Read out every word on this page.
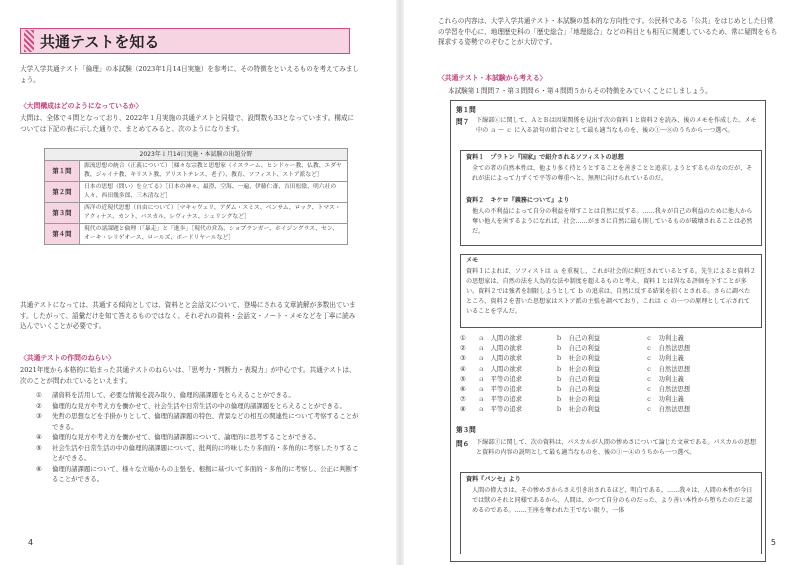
共通テストを知る

大学入学共通テスト「倫理」の本試験（2023年1月14日実施）を参考に、その特徴をといえるものを考えてみましょう。

〈大問構成はどのようになっているか〉

大問は、全体で４問となっており、2022年１月実施の共通テストと同様で、設問数も33となっています。構成については下記の表に示した通りで、まとめてみると、次のようになります。

2023年１月14日実施・本試験の出題分野
第１問	源流思想の統合（正義について）［様々な宗教と思想家（イスラーム、ヒンドゥー教、仏教、エダヤ教、ジャイナ教、キリスト教、アリストテレス、老子）、教育、ソフィスト、ストア派など］
第２問	日本の思想（問い）を立てる）［日本の神々、最澄、空海、一遍、伊藤仁斎、吉田松陰、明六社の人々、西田幾多郎、三木清など］
第３問	西洋の近現代思想（自由について）［マキャヴェリ、アダム・スミス、ベンサム、ロック、トマス・アクィナス、カント、パスカル、レヴィナス、シェリングなど］
第４問	現代の諸課題と倫理（「暴走」と「進歩」［現代の営為、ショプランガー、ホイジングラス、セン、オーキ・レリゲオース、ロールズ、ボードリヤールなど］

共通テストになっては、共通する傾向としては、資料とと会話文について、登場にされる文章読解が多数出ています。したがって、語彙だけを知て答えるものではなく、それぞれの資料・会話文・ノート・メモなどを丁寧に読み込んでいくことが必要です。

〈共通テストの作問のねらい〉

2021年度から本格的に始まった共通テストのねらいは、「思考力・判断力・表現力」が中心です。共通テストは、次のことが問われているといえます。

① 諸資料を活用して、必要な情報を読み取り、倫理的諸課題をとらえることができる。
② 倫理的な見方や考え方を働かせて、社会生活や日常生活の中の倫理的諸課題をとらえることができる。
③ 先哲の思想などを手掛かりとして、倫理的諸課題の特色、背景などの相互の関連性について考察することができる。
④ 倫理的な見方や考え方を働かせて、倫理的諸課題について、論理的に思考することができる。
⑤ 社会生活や日常生活の中の倫理的諸課題について、批判的に吟味したり多面的・多角的に考察したりすることができる。
⑥ 倫理的諸課題について、様々な立場からの主張を、根拠に基づいて多面的・多角的に考察し、公正に判断することができる。
4

これらの内容は、大学入学共通テスト・本試験の基本的な方向性です。公民科である「公共」をはじめとした日常の学習を中心に、地理歴史科の「歴史総合」「地理総合」などの科目とも相互に関連しているため、常に疑問をもち探求する姿勢でのぞむことが大切です。

〈共通テスト・本試験から考える〉

本試験第１問問７・第３問問６・第４問問５からその特徴をみていくことにしましょう。

第１問
問７ 下線部ⓒに関して、ＡとＢは因果関係を見出す次の資料１と資料２を読み、後のメモを作成した。メモ中の ａ ～ ｃ に入る語句の組合せとして最も適当なものを、後の①～⑧のうちから一つ選べ。

資料１　プラトン『国家』で紹介されるソフィストの思想

全ての者の自然本性は、他より多く持とうとすることを善きことと追求しようとするものなのだが、それが法によって力ずくで平等の尊重へと、無理に向けられているのだ。

資料２　キケロ『義務について』より

他人の不利益によって自分の利益を増すことは自然に反する。……我々が自己の利益のために他人から奪い他人を害するようになれば、社会……がまさに自然に最も則しているものが破壊されることは必然だ。

メモ

資料１によれば、ソフィストは ａ を重視し、これが社会的に抑圧されているとする。先生によると資料２の思想家は、自然の法を人為的な法や制度を超えるものと考え、資料１とは異なる評価を下すことが多い。資料２では強者を制限しようとして ｂ の追求は、自然に反する結果を招くとされる。さらに調べたところ、資料２を書いた思想家はストア派の主張を調べており、これは ｃ の一つの原理として示されていることを学んだ。

①	ａ　人間の欲求	ｂ　自己の利益	ｃ　功利主義
②	ａ　人間の欲求	ｂ　自己の利益	ｃ　自然法思想
③	ａ　人間の欲求	ｂ　社会の利益	ｃ　功利主義
④	ａ　人間の欲求	ｂ　社会の利益	ｃ　自然法思想
⑤	ａ　平等の追求	ｂ　自己の利益	ｃ　功利主義
⑥	ａ　平等の追求	ｂ　自己の利益	ｃ　自然法思想
⑦	ａ　平等の追求	ｂ　社会の利益	ｃ　功利主義
⑧	ａ　平等の追求	ｂ　社会の利益	ｃ　自然法思想
第３問
問６ 下線部ⓕに関して、次の資料は、パスカルが人間の惨めさについて論じた文章である。パスカルの思想と資料の内容の説明として最も適当なものを、後の①～④のうちから一つ選べ。

資料『パンセ』より

人間の偉大さは、その惨めさからさえ引き出されるほど、明白である。……我々は、人間の本性が今日では獣のそれと同様であるから、人間は、かつて自分のものだった、より善い本性から堕ちたのだと認めるのである。……王座を奪われた王でない限り、一体

5
